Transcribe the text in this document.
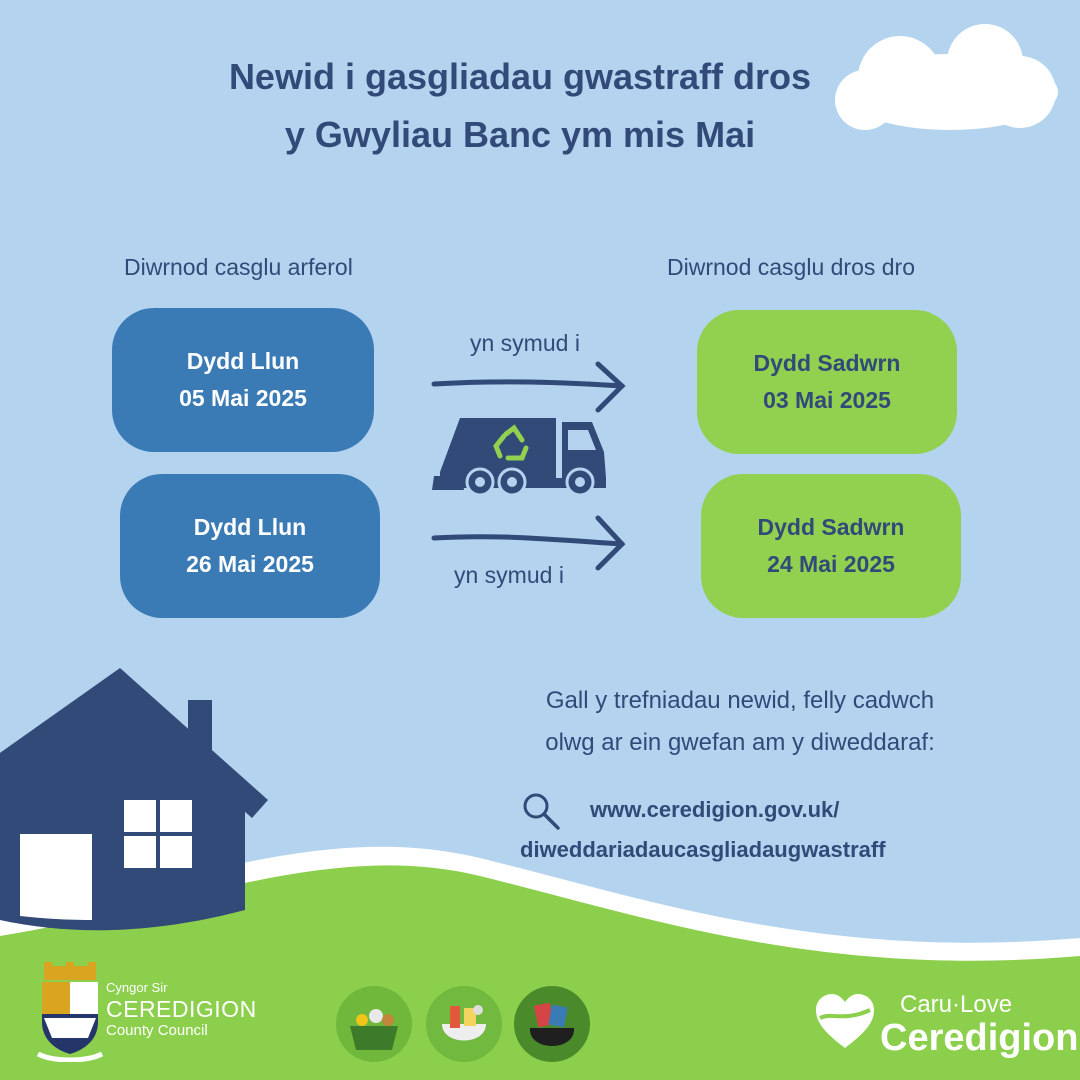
Newid i gasgliadau gwastraff dros
y Gwyliau Banc ym mis Mai
Diwrnod casglu arferol	Diwrnod casglu dros dro
Dydd Llun
05 Mai 2025
yn symud i
Dydd Sadwrn
03 Mai 2025
Dydd Llun
26 Mai 2025	yn symud i
Dydd Sadwrn
24 Mai 2025
Gall y trefniadau newid, felly cadwch
olwg ar ein gwefan am y diweddaraf:
www.ceredigion.gov.uk/
diweddariadaucasgliadaugwastraff
Cyngor Sir
CEREDIGION
County Council
Caru·Love
Ceredigion
